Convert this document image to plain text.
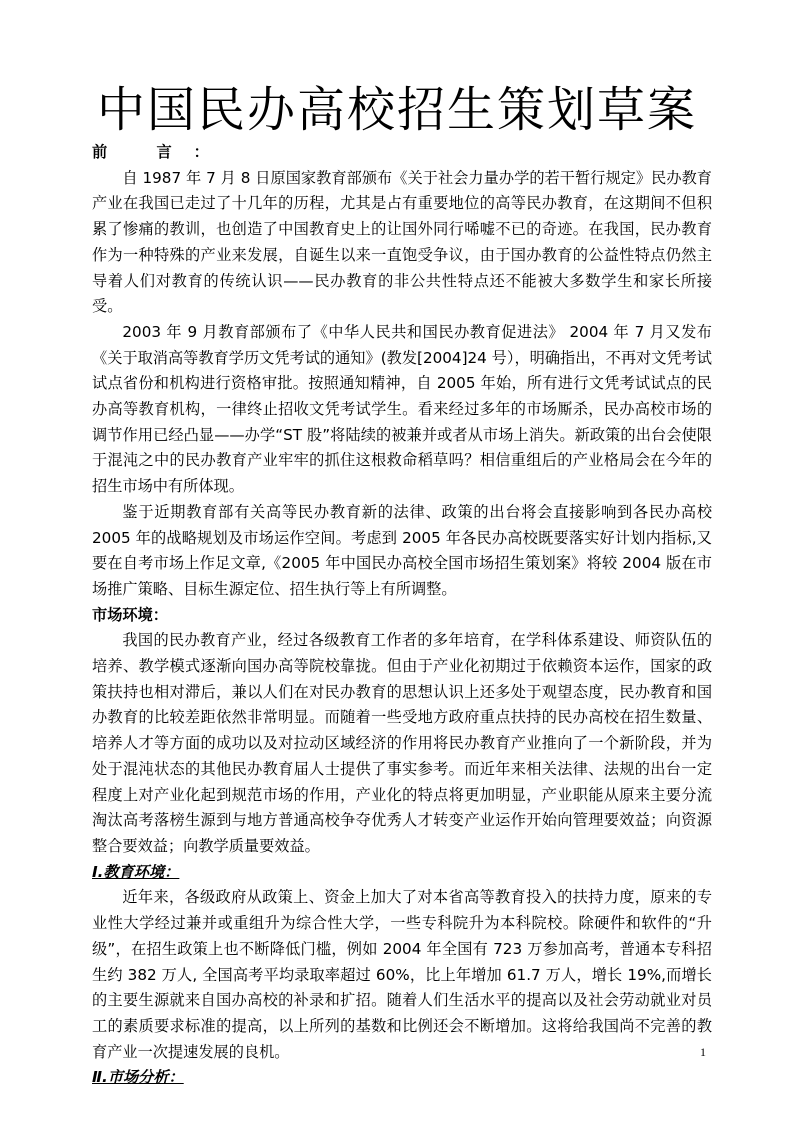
中国民办高校招生策划草案

前 言：

自 1987 年 7 月 8 日原国家教育部颁布《关于社会力量办学的若干暂行规定》民办教育产业在我国已走过了十几年的历程，尤其是占有重要地位的高等民办教育，在这期间不但积累了惨痛的教训，也创造了中国教育史上的让国外同行唏嘘不已的奇迹。在我国，民办教育作为一种特殊的产业来发展，自诞生以来一直饱受争议，由于国办教育的公益性特点仍然主导着人们对教育的传统认识——民办教育的非公共性特点还不能被大多数学生和家长所接受。

2003 年 9 月教育部颁布了《中华人民共和国民办教育促进法》 2004 年 7 月又发布《关于取消高等教育学历文凭考试的通知》(教发[2004]24 号），明确指出，不再对文凭考试试点省份和机构进行资格审批。按照通知精神，自 2005 年始，所有进行文凭考试试点的民办高等教育机构，一律终止招收文凭考试学生。看来经过多年的市场厮杀，民办高校市场的调节作用已经凸显——办学“ST 股”将陆续的被兼并或者从市场上消失。新政策的出台会使限于混沌之中的民办教育产业牢牢的抓住这根救命稻草吗？相信重组后的产业格局会在今年的招生市场中有所体现。

鉴于近期教育部有关高等民办教育新的法律、政策的出台将会直接影响到各民办高校 2005 年的战略规划及市场运作空间。考虑到 2005 年各民办高校既要落实好计划内指标,又要在自考市场上作足文章,《2005 年中国民办高校全国市场招生策划案》将较 2004 版在市场推广策略、目标生源定位、招生执行等上有所调整。

市场环境：

我国的民办教育产业，经过各级教育工作者的多年培育，在学科体系建设、师资队伍的培养、教学模式逐渐向国办高等院校靠拢。但由于产业化初期过于依赖资本运作，国家的政策扶持也相对滞后，兼以人们在对民办教育的思想认识上还多处于观望态度，民办教育和国办教育的比较差距依然非常明显。而随着一些受地方政府重点扶持的民办高校在招生数量、培养人才等方面的成功以及对拉动区域经济的作用将民办教育产业推向了一个新阶段，并为处于混沌状态的其他民办教育届人士提供了事实参考。而近年来相关法律、法规的出台一定程度上对产业化起到规范市场的作用，产业化的特点将更加明显，产业职能从原来主要分流淘汰高考落榜生源到与地方普通高校争夺优秀人才转变产业运作开始向管理要效益；向资源整合要效益；向教学质量要效益。

Ⅰ.教育环境：

近年来，各级政府从政策上、资金上加大了对本省高等教育投入的扶持力度，原来的专业性大学经过兼并或重组升为综合性大学，一些专科院升为本科院校。除硬件和软件的“升级”，在招生政策上也不断降低门槛，例如 2004 年全国有 723 万参加高考，普通本专科招生约 382 万人, 全国高考平均录取率超过 60%，比上年增加 61.7 万人，增长 19%,而增长的主要生源就来自国办高校的补录和扩招。随着人们生活水平的提高以及社会劳动就业对员工的素质要求标准的提高，以上所列的基数和比例还会不断增加。这将给我国尚不完善的教育产业一次提速发展的良机。

Ⅱ.市场分析：

1
